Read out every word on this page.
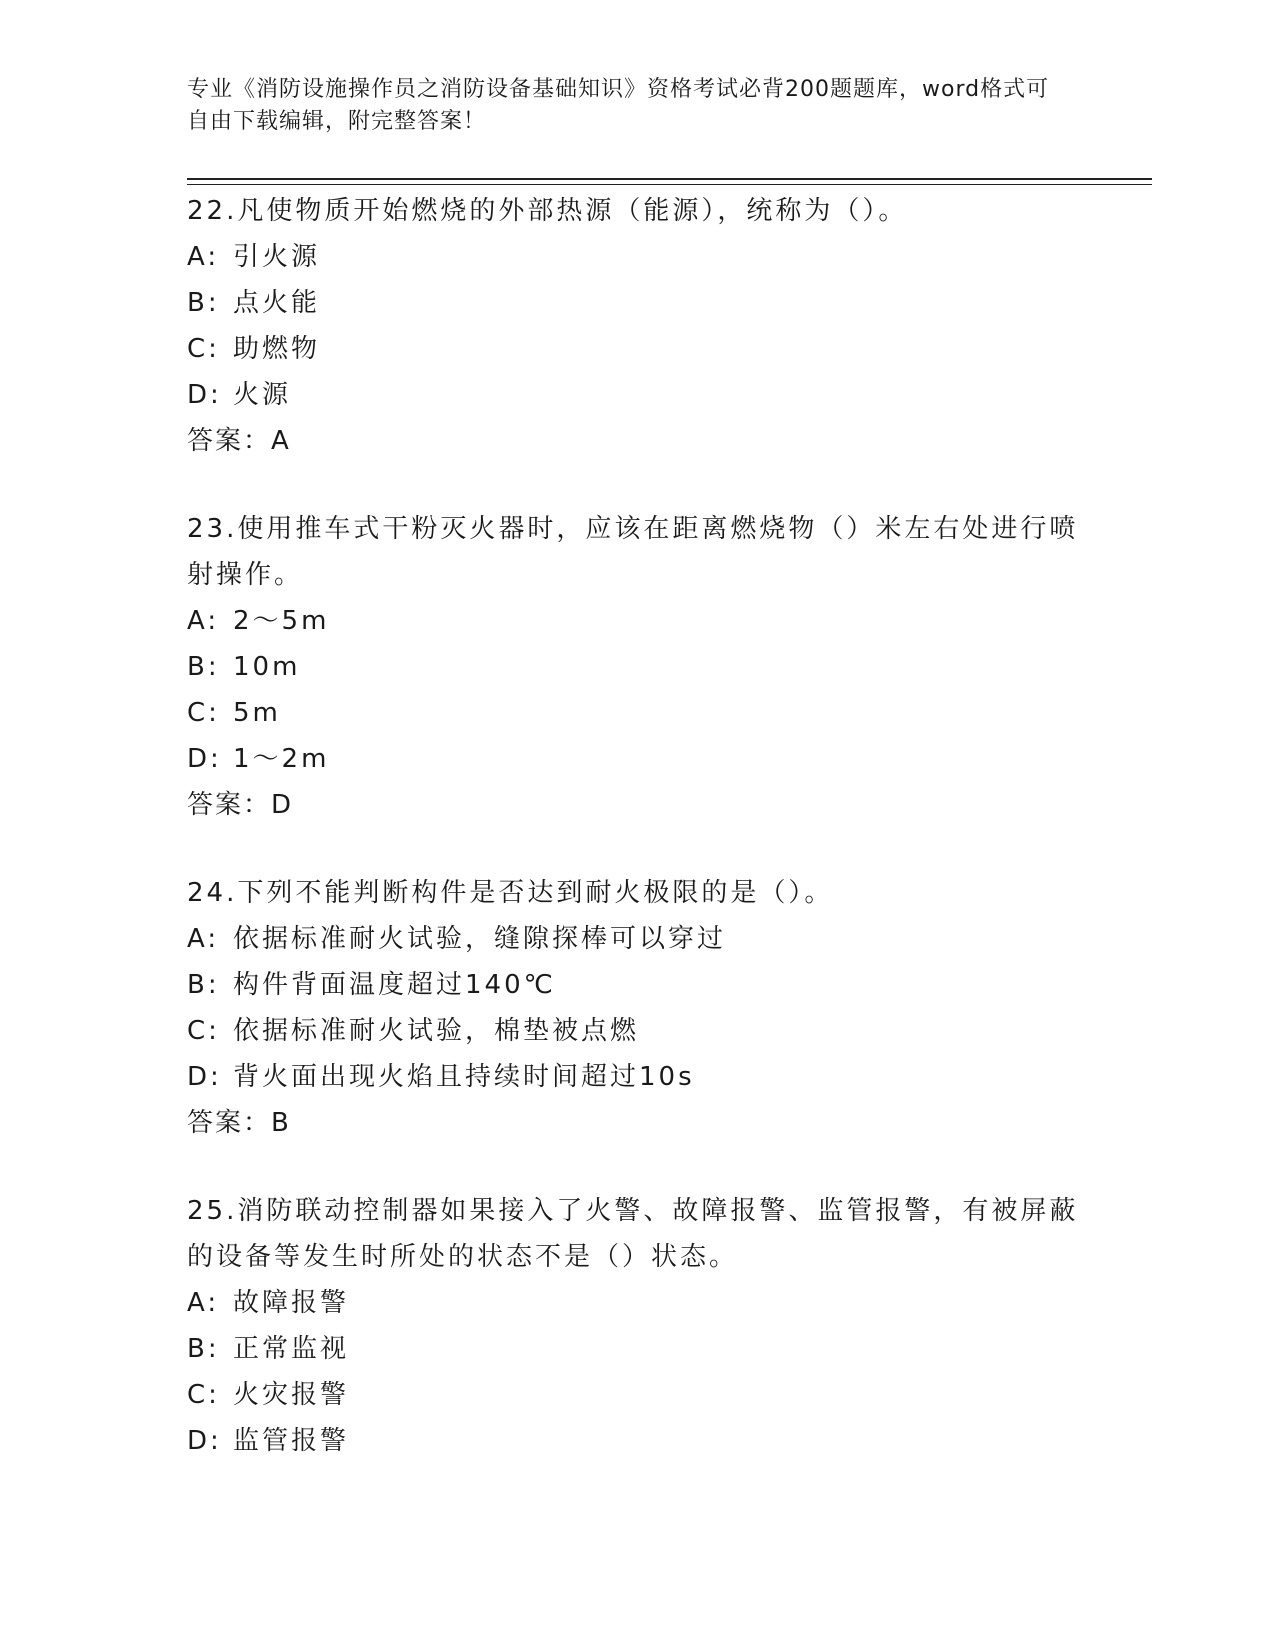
专业《消防设施操作员之消防设备基础知识》资格考试必背200题题库，word格式可自由下载编辑，附完整答案！
22.凡使物质开始燃烧的外部热源（能源），统称为（）。
A: 引火源
B: 点火能
C: 助燃物
D: 火源
答案：A
23.使用推车式干粉灭火器时，应该在距离燃烧物（）米左右处进行喷射操作。
A: 2～5m
B: 10m
C: 5m
D: 1～2m
答案：D
24.下列不能判断构件是否达到耐火极限的是（）。
A: 依据标准耐火试验，缝隙探棒可以穿过
B: 构件背面温度超过140℃
C: 依据标准耐火试验，棉垫被点燃
D: 背火面出现火焰且持续时间超过10s
答案：B
25.消防联动控制器如果接入了火警、故障报警、监管报警，有被屏蔽的设备等发生时所处的状态不是（）状态。
A: 故障报警
B: 正常监视
C: 火灾报警
D: 监管报警
